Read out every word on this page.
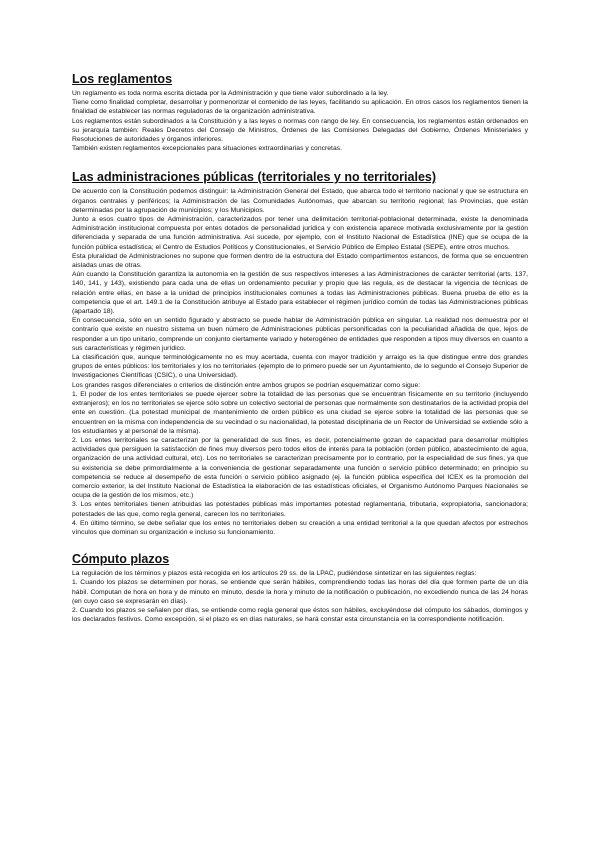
Los reglamentos

Un reglamento es toda norma escrita dictada por la Administración y que tiene valor subordinado a la ley.

Tiene como finalidad completar, desarrollar y pormenorizar el contenido de las leyes, facilitando su aplicación. En otros casos los reglamentos tienen la finalidad de establecer las normas reguladoras de la organización administrativa.

Los reglamentos están subordinados a la Constitución y a las leyes o normas con rango de ley. En consecuencia, los reglamentos están ordenados en su jerarquía también: Reales Decretos del Consejo de Ministros, Órdenes de las Comisiones Delegadas del Gobierno, Órdenes Ministeriales y Resoluciones de autoridades y órganos inferiores.

También existen reglamentos excepcionales para situaciones extraordinarias y concretas.

Las administraciones públicas (territoriales y no territoriales)

De acuerdo con la Constitución podemos distinguir: la Administración General del Estado, que abarca todo el territorio nacional y que se estructura en órganos centrales y periféricos; la Administración de las Comunidades Autónomas, que abarcan su territorio regional; las Provincias, que están determinadas por la agrupación de municipios; y los Municipios.

Junto a esos cuatro tipos de Administración, caracterizados por tener una delimitación territorial-poblacional determinada, existe la denominada Administración institucional compuesta por entes dotados de personalidad jurídica y con existencia aparece motivada exclusivamente por la gestión diferenciada y separada de una función administrativa. Así sucede, por ejemplo, con el Instituto Nacional de Estadística (INE) que se ocupa de la función pública estadística; el Centro de Estudios Políticos y Constitucionales, el Servicio Público de Empleo Estatal (SEPE), entre otros muchos.

Esta pluralidad de Administraciones no supone que formen dentro de la estructura del Estado compartimentos estancos, de forma que se encuentren aisladas unas de otras.

Aún cuando la Constitución garantiza la autonomía en la gestión de sus respectivos intereses a las Administraciones de carácter territorial (arts. 137, 140, 141, y 143), existiendo para cada una de ellas un ordenamiento peculiar y propio que las regula, es de destacar la vigencia de técnicas de relación entre ellas, en base a la unidad de principios institucionales comunes a todas las Administraciones públicas. Buena prueba de ello es la competencia que el art. 149.1 de la Constitución atribuye al Estado para establecer el régimen jurídico común de todas las Administraciones públicas (apartado 18).

En consecuencia, sólo en un sentido figurado y abstracto se puede hablar de Administración pública en singular. La realidad nos demuestra por el contrario que existe en nuestro sistema un buen número de Administraciones públicas personificadas con la peculiaridad añadida de que, lejos de responder a un tipo unitario, comprende un conjunto ciertamente variado y heterogéneo de entidades que responden a tipos muy diversos en cuanto a sus características y régimen jurídico.

La clasificación que, aunque terminológicamente no es muy acertada, cuenta con mayor tradición y arraigo es la que distingue entre dos grandes grupos de entes públicos: los territoriales y los no territoriales (ejemplo de lo primero puede ser un Ayuntamiento, de lo segundo el Consejo Superior de Investigaciones Científicas (CSIC), o una Universidad).

Los grandes rasgos diferenciales o criterios de distinción entre ambos grupos se podrían esquematizar como sigue:

1. El poder de los entes territoriales se puede ejercer sobre la totalidad de las personas que se encuentran físicamente en su territorio (incluyendo extranjeros); en los no territoriales se ejerce sólo sobre un colectivo sectorial de personas que normalmente son destinatarios de la actividad propia del ente en cuestión. (La potestad municipal de mantenimiento de orden público es una ciudad se ejerce sobre la totalidad de las personas que se encuentren en la misma con independencia de su vecindad o su nacionalidad, la potestad disciplinaria de un Rector de Universidad se extiende sólo a los estudiantes y al personal de la misma).

2. Los entes territoriales se caracterizan por la generalidad de sus fines, es decir, potencialmente gozan de capacidad para desarrollar múltiples actividades que persiguen la satisfacción de fines muy diversos pero todos ellos de interés para la población (orden público, abastecimiento de agua, organización de una actividad cultural, etc). Los no territoriales se caracterizan precisamente por lo contrario, por la especialidad de sus fines, ya que su existencia se debe primordialmente a la conveniencia de gestionar separadamente una función o servicio público determinado; en principio su competencia se reduce al desempeño de esta función o servicio público asignado (ej. la función pública específica del ICEX es la promoción del comercio exterior, la del Instituto Nacional de Estadística la elaboración de las estadísticas oficiales, el Organismo Autónomo Parques Nacionales se ocupa de la gestión de los mismos, etc.)

3. Los entes territoriales tienen atribuidas las potestades públicas más importantes potestad reglamentaria, tributaria, expropiatoria, sancionadora; potestades de las que, como regla general, carecen los no territoriales.

4. En último término, se debe señalar que los entes no territoriales deben su creación a una entidad territorial a la que quedan afectos por estrechos vínculos que dominan su organización e incluso su funcionamiento.

Cómputo plazos

La regulación de los términos y plazos está recogida en los artículos 29 ss. de la LPAC, pudiéndose sintetizar en las siguientes reglas:

1. Cuando los plazos se determinen por horas, se entiende que serán hábiles, comprendiendo todas las horas del día que formen parte de un día hábil. Computan de hora en hora y de minuto en minuto, desde la hora y minuto de la notificación o publicación, no excediendo nunca de las 24 horas (en cuyo caso se expresarán en días).

2. Cuando los plazos se señalen por días, se entiende como regla general que éstos son hábiles, excluyéndose del cómputo los sábados, domingos y los declarados festivos. Como excepción, si el plazo es en días naturales, se hará constar esta circunstancia en la correspondiente notificación.
